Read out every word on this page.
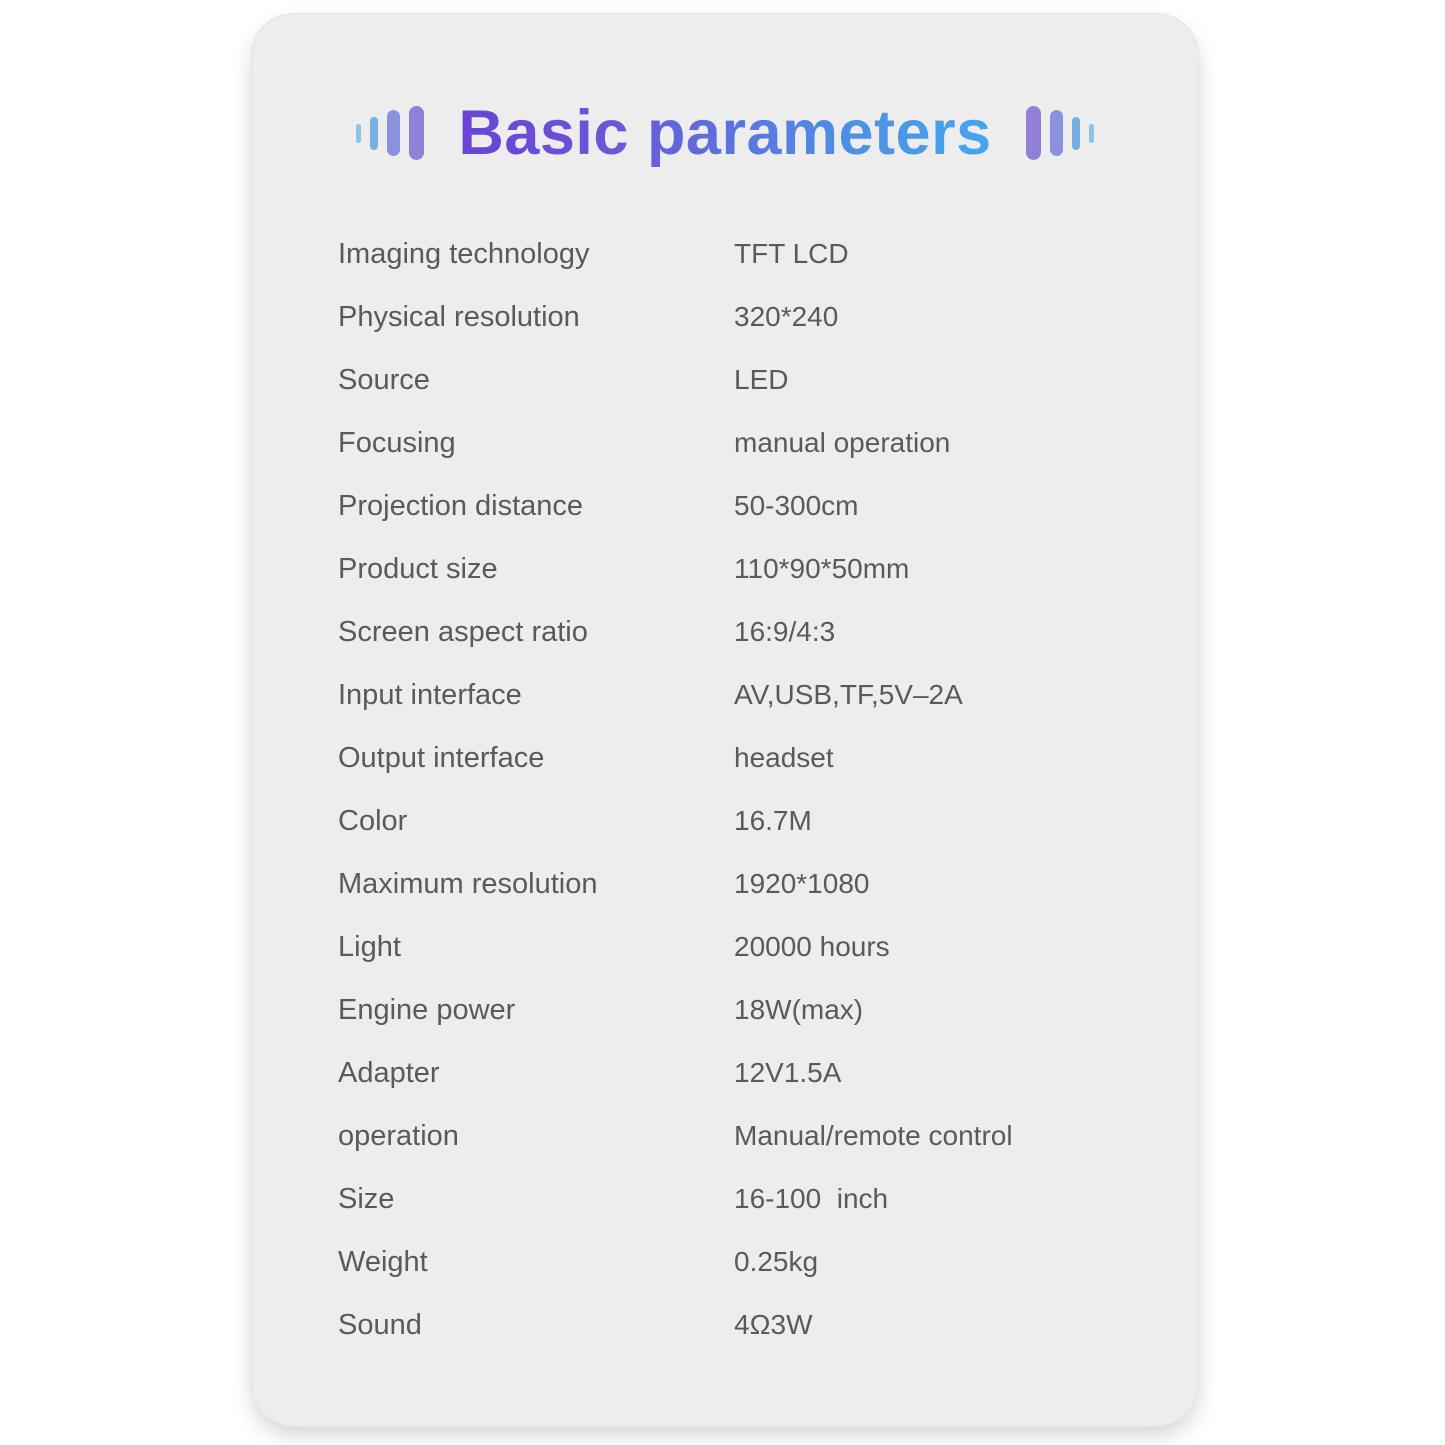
Basic parameters
Imaging technology	TFT LCD
Physical resolution	320*240
Source	LED
Focusing	manual operation
Projection distance	50-300cm
Product size	110*90*50mm
Screen aspect ratio	16:9/4:3
Input interface	AV,USB,TF,5V–2A
Output interface	headset
Color	16.7M
Maximum resolution	1920*1080
Light	20000 hours
Engine power	18W(max)
Adapter	12V1.5A
operation	Manual/remote control
Size	16-100  inch
Weight	0.25kg
Sound	4Ω3W
